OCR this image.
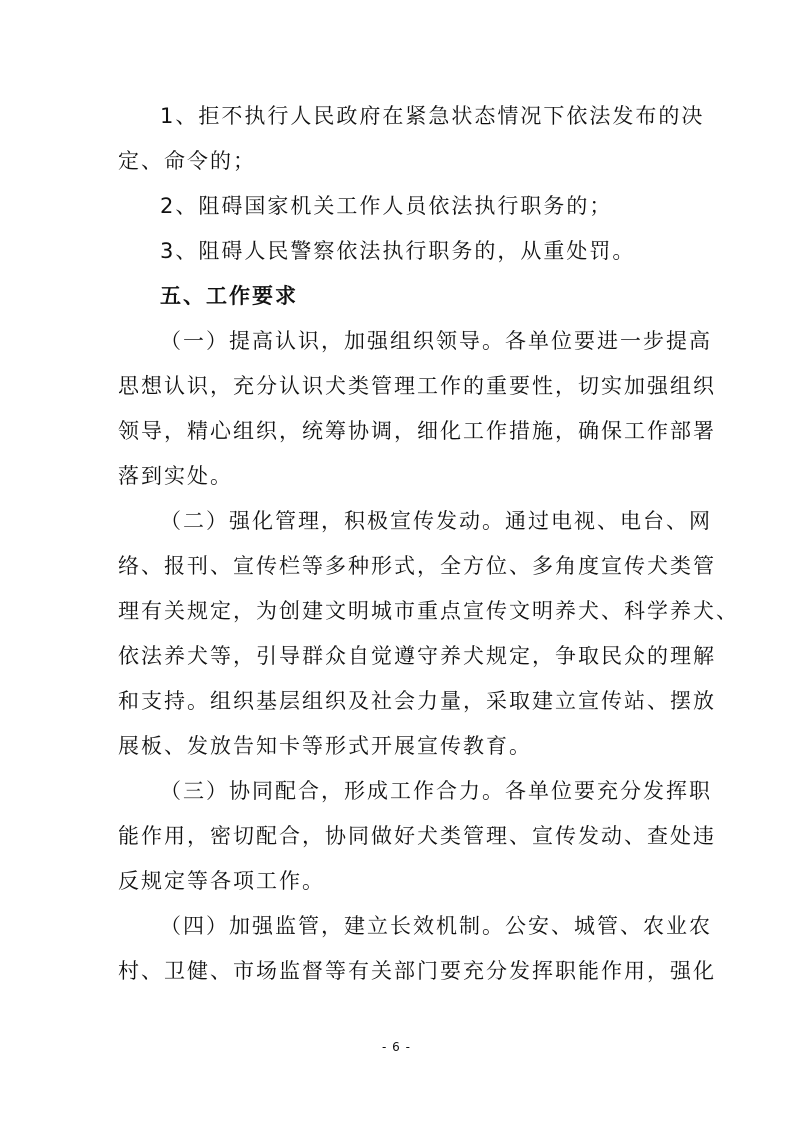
1、拒不执行人民政府在紧急状态情况下依法发布的决
定、命令的；
2、阻碍国家机关工作人员依法执行职务的；
3、阻碍人民警察依法执行职务的，从重处罚。
五、工作要求
（一）提高认识，加强组织领导。各单位要进一步提高
思想认识，充分认识犬类管理工作的重要性，切实加强组织
领导，精心组织，统筹协调，细化工作措施，确保工作部署
落到实处。
（二）强化管理，积极宣传发动。通过电视、电台、网
络、报刊、宣传栏等多种形式，全方位、多角度宣传犬类管
理有关规定，为创建文明城市重点宣传文明养犬、科学养犬、
依法养犬等，引导群众自觉遵守养犬规定，争取民众的理解
和支持。组织基层组织及社会力量，采取建立宣传站、摆放
展板、发放告知卡等形式开展宣传教育。
（三）协同配合，形成工作合力。各单位要充分发挥职
能作用，密切配合，协同做好犬类管理、宣传发动、查处违
反规定等各项工作。
（四）加强监管，建立长效机制。公安、城管、农业农
村、卫健、市场监督等有关部门要充分发挥职能作用，强化
- 6 -
